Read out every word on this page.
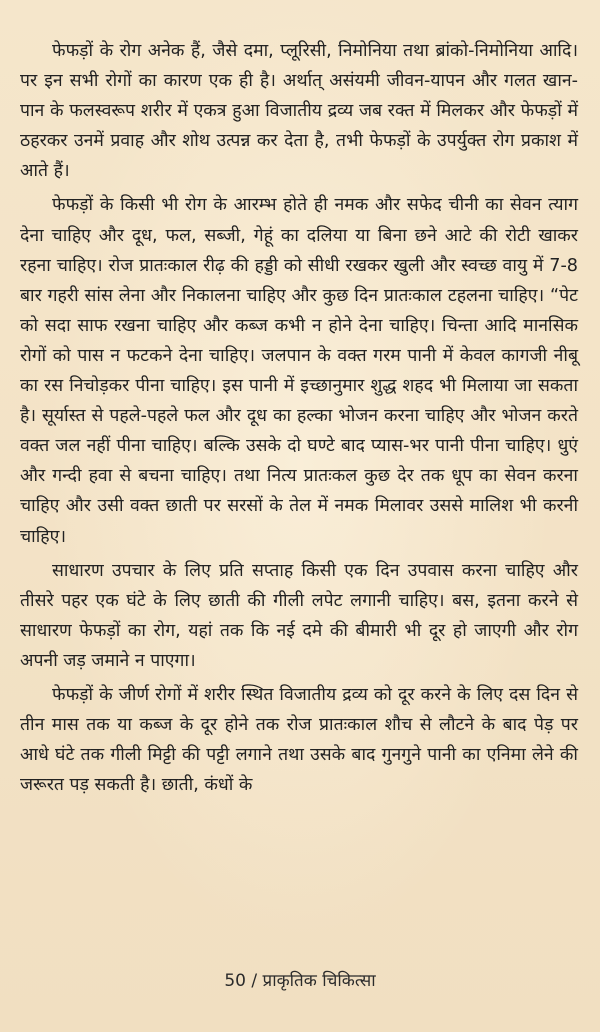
फेफड़ों के रोग अनेक हैं, जैसे दमा, प्लूरिसी, निमोनिया तथा ब्रांको-निमोनिया आदि। पर इन सभी रोगों का कारण एक ही है। अर्थात् असंयमी जीवन-यापन और गलत खान-पान के फलस्वरूप शरीर में एकत्र हुआ विजातीय द्रव्य जब रक्त में मिलकर और फेफड़ों में ठहरकर उनमें प्रवाह और शोथ उत्पन्न कर देता है, तभी फेफड़ों के उपर्युक्त रोग प्रकाश में आते हैं।

फेफड़ों के किसी भी रोग के आरम्भ होते ही नमक और सफेद चीनी का सेवन त्याग देना चाहिए और दूध, फल, सब्जी, गेहूं का दलिया या बिना छने आटे की रोटी खाकर रहना चाहिए। रोज प्रातःकाल रीढ़ की हड्डी को सीधी रखकर खुली और स्वच्छ वायु में 7-8 बार गहरी सांस लेना और निकालना चाहिए और कुछ दिन प्रातःकाल टहलना चाहिए। “पेट को सदा साफ रखना चाहिए और कब्ज कभी न होने देना चाहिए। चिन्ता आदि मानसिक रोगों को पास न फटकने देना चाहिए। जलपान के वक्त गरम पानी में केवल कागजी नीबू का रस निचोड़कर पीना चाहिए। इस पानी में इच्छानुमार शुद्ध शहद भी मिलाया जा सकता है। सूर्यास्त से पहले-पहले फल और दूध का हल्का भोजन करना चाहिए और भोजन करते वक्त जल नहीं पीना चाहिए। बल्कि उसके दो घण्टे बाद प्यास-भर पानी पीना चाहिए। धुएं और गन्दी हवा से बचना चाहिए। तथा नित्य प्रातःकल कुछ देर तक धूप का सेवन करना चाहिए और उसी वक्त छाती पर सरसों के तेल में नमक मिलावर उससे मालिश भी करनी चाहिए।

साधारण उपचार के लिए प्रति सप्ताह किसी एक दिन उपवास करना चाहिए और तीसरे पहर एक घंटे के लिए छाती की गीली लपेट लगानी चाहिए। बस, इतना करने से साधारण फेफड़ों का रोग, यहां तक कि नई दमे की बीमारी भी दूर हो जाएगी और रोग अपनी जड़ जमाने न पाएगा।

फेफड़ों के जीर्ण रोगों में शरीर स्थित विजातीय द्रव्य को दूर करने के लिए दस दिन से तीन मास तक या कब्ज के दूर होने तक रोज प्रातःकाल शौच से लौटने के बाद पेड़ पर आधे घंटे तक गीली मिट्टी की पट्टी लगाने तथा उसके बाद गुनगुने पानी का एनिमा लेने की जरूरत पड़ सकती है। छाती, कंधों के

50 / प्राकृतिक चिकित्सा
